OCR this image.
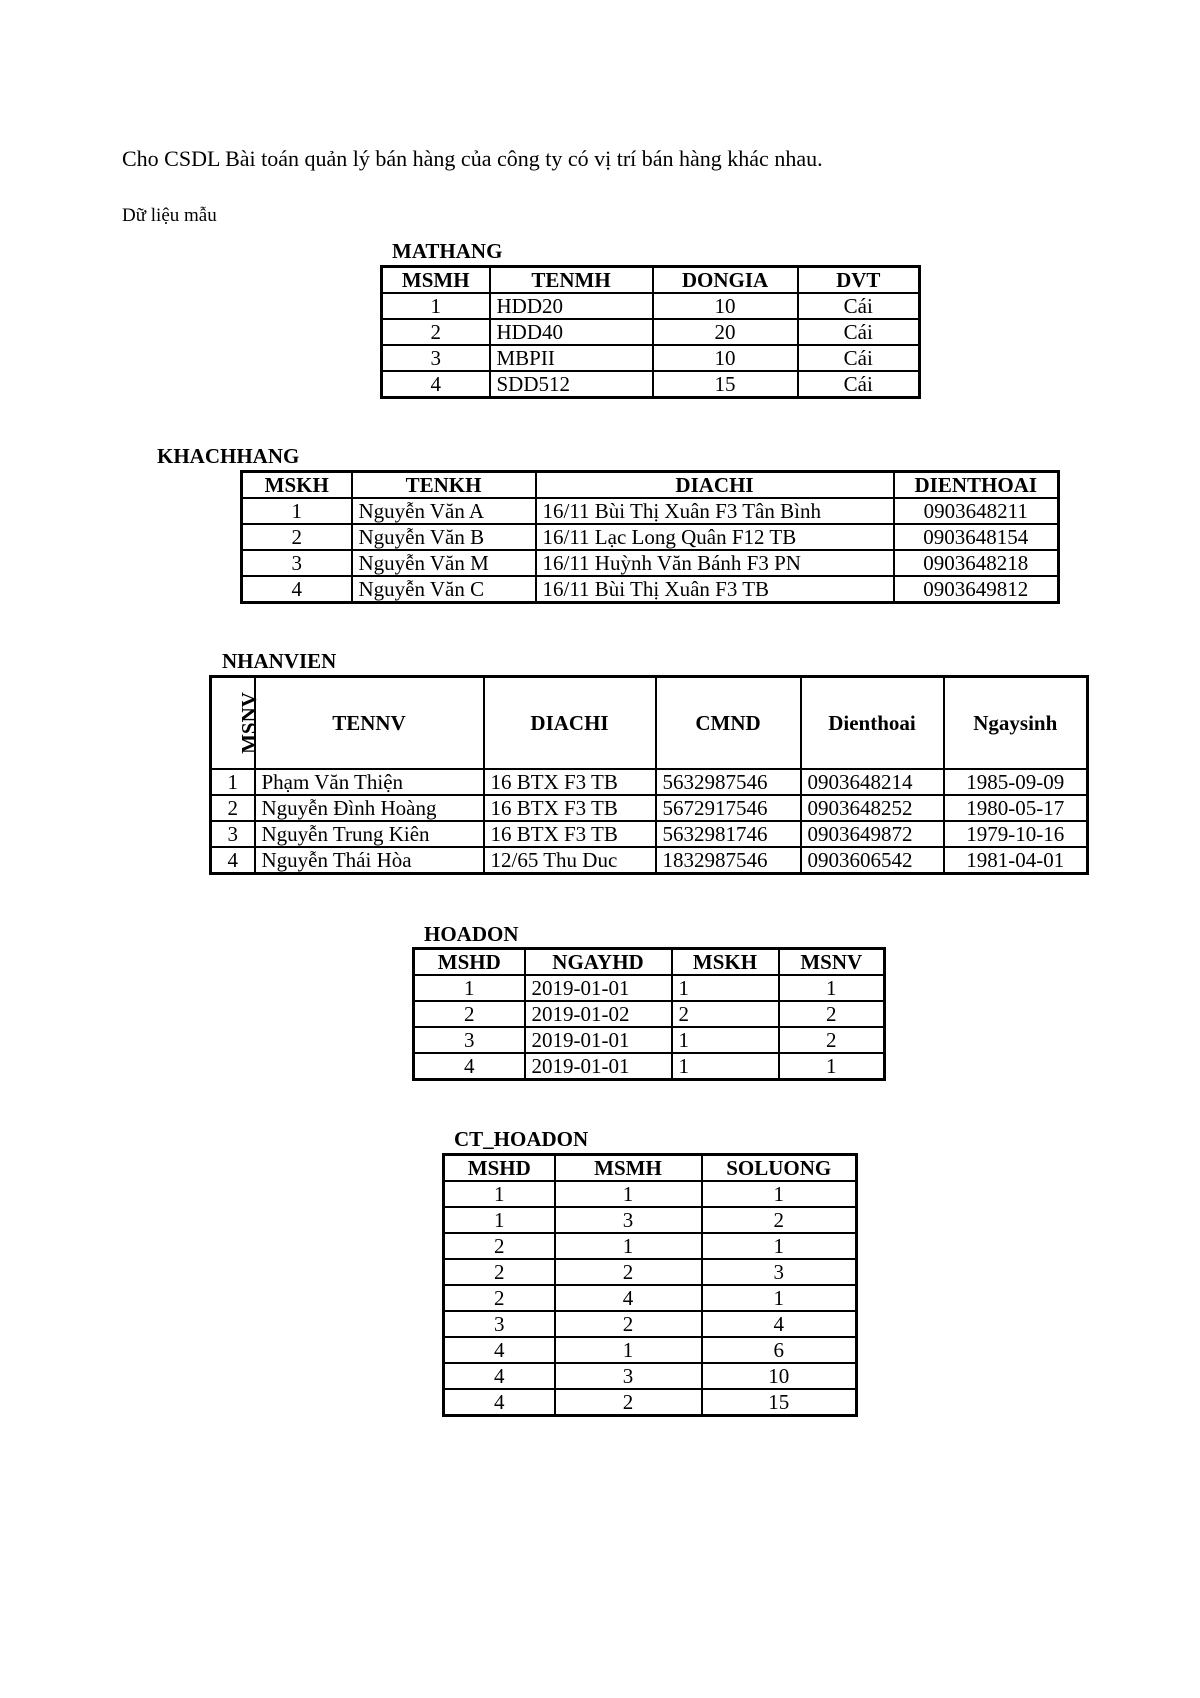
Cho CSDL Bài toán quản lý bán hàng của công ty có vị trí bán hàng khác nhau.
Dữ liệu mẫu
MATHANG
MSMH	TENMH	DONGIA	DVT
1	HDD20	10	Cái
2	HDD40	20	Cái
3	MBPII	10	Cái
4	SDD512	15	Cái
KHACHHANG
MSKH	TENKH	DIACHI	DIENTHOAI
1	Nguyễn Văn A	16/11 Bùi Thị Xuân F3 Tân Bình	0903648211
2	Nguyễn Văn B	16/11 Lạc Long Quân F12 TB	0903648154
3	Nguyễn Văn M	16/11 Huỳnh Văn Bánh F3 PN	0903648218
4	Nguyễn Văn C	16/11 Bùi Thị Xuân F3 TB	0903649812
NHANVIEN
MSNV	TENNV	DIACHI	CMND	Dienthoai	Ngaysinh
1	Phạm Văn Thiện	16 BTX F3 TB	5632987546	0903648214	1985-09-09
2	Nguyễn Đình Hoàng	16 BTX F3 TB	5672917546	0903648252	1980-05-17
3	Nguyễn Trung Kiên	16 BTX F3 TB	5632981746	0903649872	1979-10-16
4	Nguyễn Thái Hòa	12/65 Thu Duc	1832987546	0903606542	1981-04-01
HOADON
MSHD	NGAYHD	MSKH	MSNV
1	2019-01-01	1	1
2	2019-01-02	2	2
3	2019-01-01	1	2
4	2019-01-01	1	1
CT_HOADON
MSHD	MSMH	SOLUONG
1	1	1
1	3	2
2	1	1
2	2	3
2	4	1
3	2	4
4	1	6
4	3	10
4	2	15
